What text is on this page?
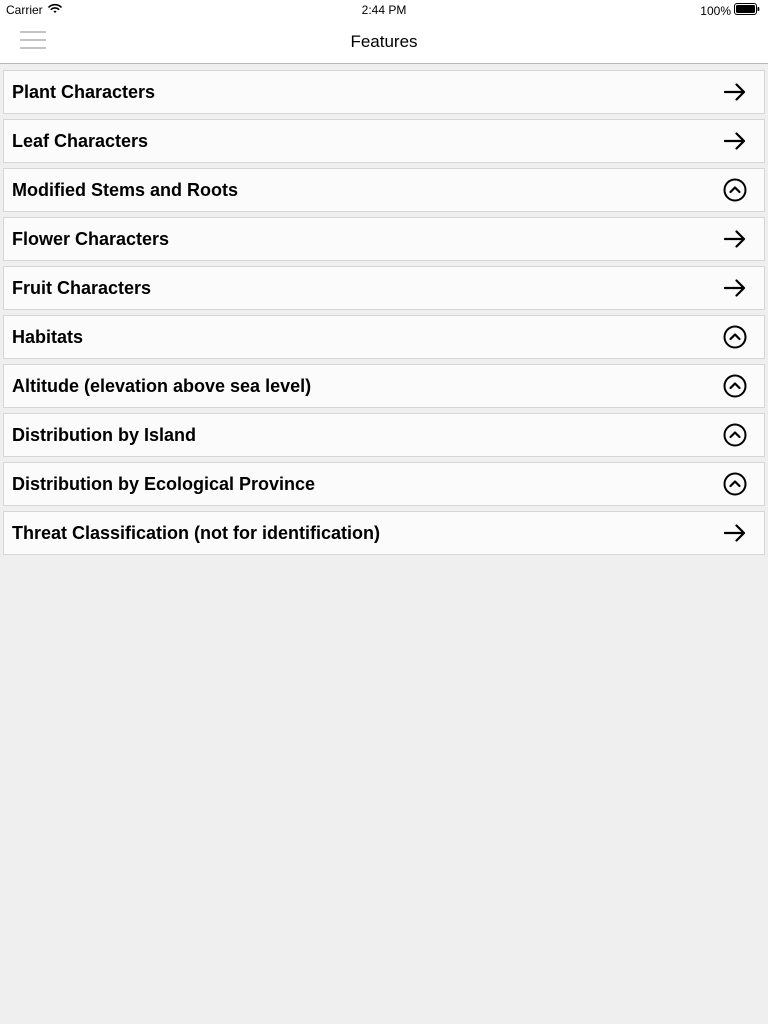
Carrier	2:44 PM	100%
Features
Plant Characters
Leaf Characters
Modified Stems and Roots
Flower Characters
Fruit Characters
Habitats
Altitude (elevation above sea level)
Distribution by Island
Distribution by Ecological Province
Threat Classification (not for identification)
